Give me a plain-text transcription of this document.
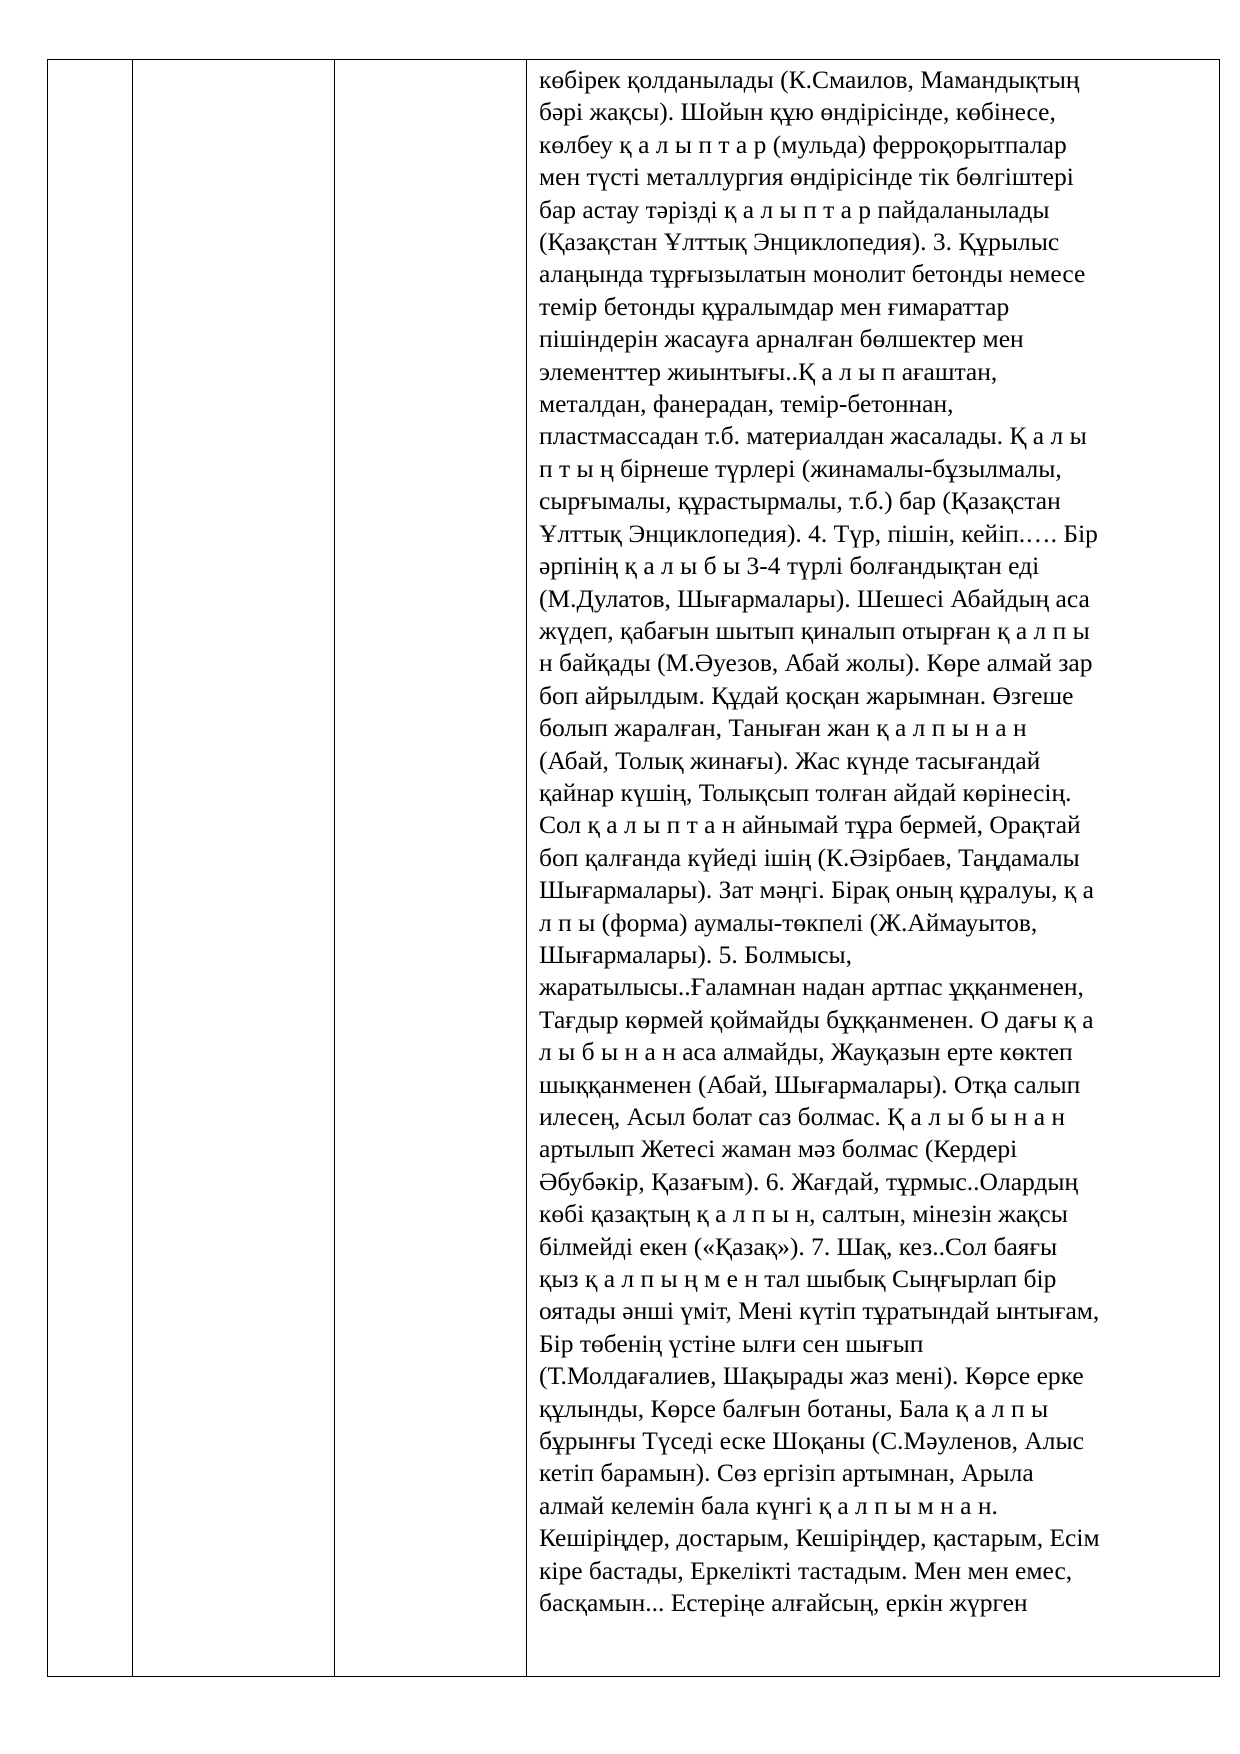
көбірек қолданылады (К.Смаилов, Мамандықтың
бәрі жақсы). Шойын құю өндірісінде, көбінесе,
көлбеу қ а л ы п т а р (мульда) ферроқорытпалар
мен түсті металлургия өндірісінде тік бөлгіштері
бар астау тәрізді қ а л ы п т а р пайдаланылады
(Қазақстан Ұлттық Энциклопедия). 3. Құрылыс
алаңында тұрғызылатын монолит бетонды немесе
темір бетонды құралымдар мен ғимараттар
пішіндерін жасауға арналған бөлшектер мен
элементтер жиынтығы..Қ а л ы п ағаштан,
металдан, фанерадан, темір-бетоннан,
пластмассадан т.б. материалдан жасалады. Қ а л ы
п т ы ң бірнеше түрлері (жинамалы-бұзылмалы,
сырғымалы, құрастырмалы, т.б.) бар (Қазақстан
Ұлттық Энциклопедия). 4. Түр, пішін, кейіп.…. Бір
әрпінің қ а л ы б ы 3-4 түрлі болғандықтан еді
(М.Дулатов, Шығармалары). Шешесі Абайдың аса
жүдеп, қабағын шытып қиналып отырған қ а л п ы
н байқады (М.Әуезов, Абай жолы). Көре алмай зар
боп айрылдым. Құдай қосқан жарымнан. Өзгеше
болып жаралған, Таныған жан қ а л п ы н а н
(Абай, Толық жинағы). Жас күнде тасығандай
қайнар күшің, Толықсып толған айдай көрінесің.
Сол қ а л ы п т а н айнымай тұра бермей, Орақтай
боп қалғанда күйеді ішің (К.Әзірбаев, Таңдамалы
Шығармалары). Зат мәңгі. Бірақ оның құралуы, қ а
л п ы (форма) аумалы-төкпелі (Ж.Аймауытов,
Шығармалары). 5. Болмысы,
жаратылысы..Ғаламнан надан артпас ұққанменен,
Тағдыр көрмей қоймайды бұққанменен. О дағы қ а
л ы б ы н а н аса алмайды, Жауқазын ерте көктеп
шыққанменен (Абай, Шығармалары). Отқа салып
илесең, Асыл болат саз болмас. Қ а л ы б ы н а н
артылып Жетесі жаман мәз болмас (Кердері
Әбубәкір, Қазағым). 6. Жағдай, тұрмыс..Олардың
көбі қазақтың қ а л п ы н, салтын, мінезін жақсы
білмейді екен («Қазақ»). 7. Шақ, кез..Сол баяғы
қыз қ а л п ы ң м е н тал шыбық Сыңғырлап бір
оятады әнші үміт, Мені күтіп тұратындай ынтығам,
Бір төбенің үстіне ылғи сен шығып
(Т.Молдағалиев, Шақырады жаз мені). Көрсе ерке
құлынды, Көрсе балғын ботаны, Бала қ а л п ы
бұрынғы Түседі еске Шоқаны (С.Мәуленов, Алыс
кетіп барамын). Сөз ергізіп артымнан, Арыла
алмай келемін бала күнгі қ а л п ы м н а н.
Кешіріңдер, достарым, Кешіріңдер, қастарым, Есім
кіре бастады, Еркелікті тастадым. Мен мен емес,
басқамын... Естеріңе алғайсың, еркін жүрген
